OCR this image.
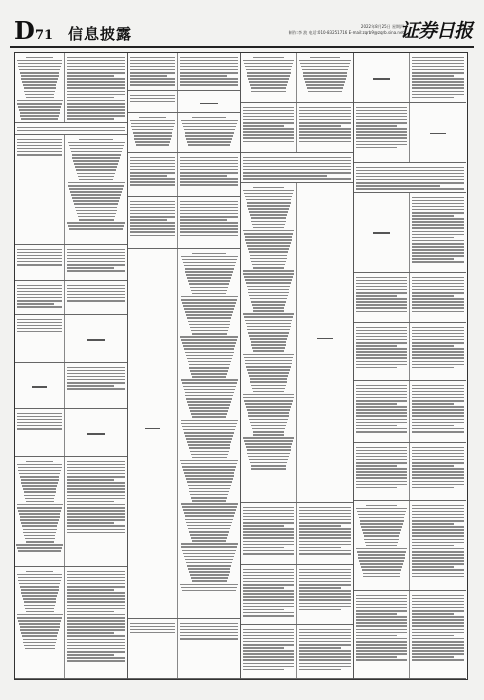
D 71 信息披露	2022年8月25日 星期四
制作:李 波 电话:010-83251716 E-mail:zqrb9@zqrb.sina.net
证券日报
